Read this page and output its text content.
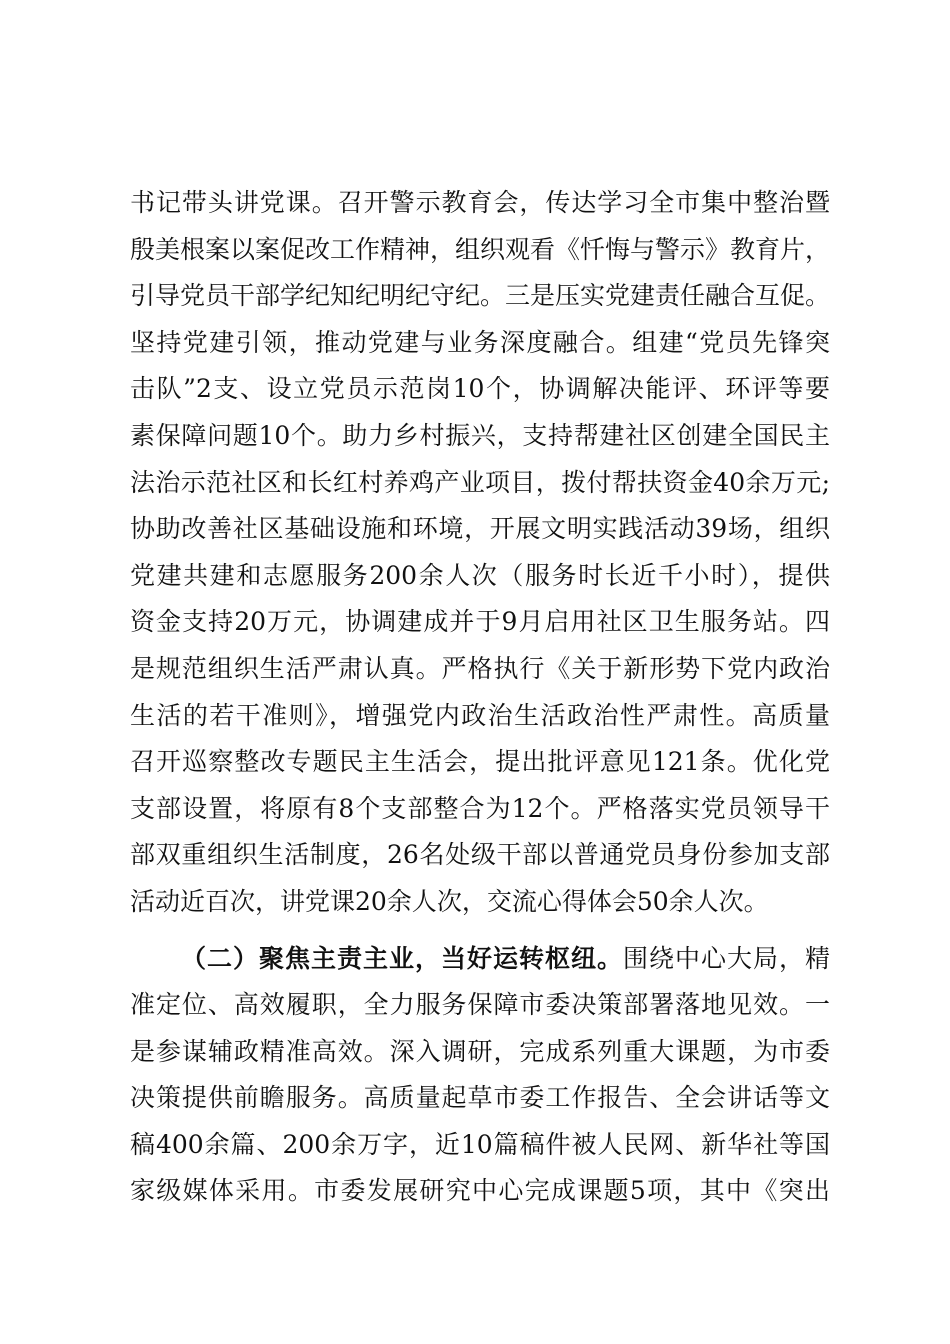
书记带头讲党课。召开警示教育会，传达学习全市集中整治暨
殷美根案以案促改工作精神，组织观看《忏悔与警示》教育片，
引导党员干部学纪知纪明纪守纪。三是压实党建责任融合互促。
坚持党建引领，推动党建与业务深度融合。组建“党员先锋突
击队”2支、设立党员示范岗10个，协调解决能评、环评等要
素保障问题10个。助力乡村振兴，支持帮建社区创建全国民主
法治示范社区和长红村养鸡产业项目，拨付帮扶资金40余万元;
协助改善社区基础设施和环境，开展文明实践活动39场，组织
党建共建和志愿服务200余人次（服务时长近千小时），提供
资金支持20万元，协调建成并于9月启用社区卫生服务站。四
是规范组织生活严肃认真。严格执行《关于新形势下党内政治
生活的若干准则》，增强党内政治生活政治性严肃性。高质量
召开巡察整改专题民主生活会，提出批评意见121条。优化党
支部设置，将原有8个支部整合为12个。严格落实党员领导干
部双重组织生活制度，26名处级干部以普通党员身份参加支部
活动近百次，讲党课20余人次，交流心得体会50余人次。
（二）聚焦主责主业，当好运转枢纽。围绕中心大局，精
准定位、高效履职，全力服务保障市委决策部署落地见效。一
是参谋辅政精准高效。深入调研，完成系列重大课题，为市委
决策提供前瞻服务。高质量起草市委工作报告、全会讲话等文
稿400余篇、200余万字，近10篇稿件被人民网、新华社等国
家级媒体采用。市委发展研究中心完成课题5项，其中《突出
